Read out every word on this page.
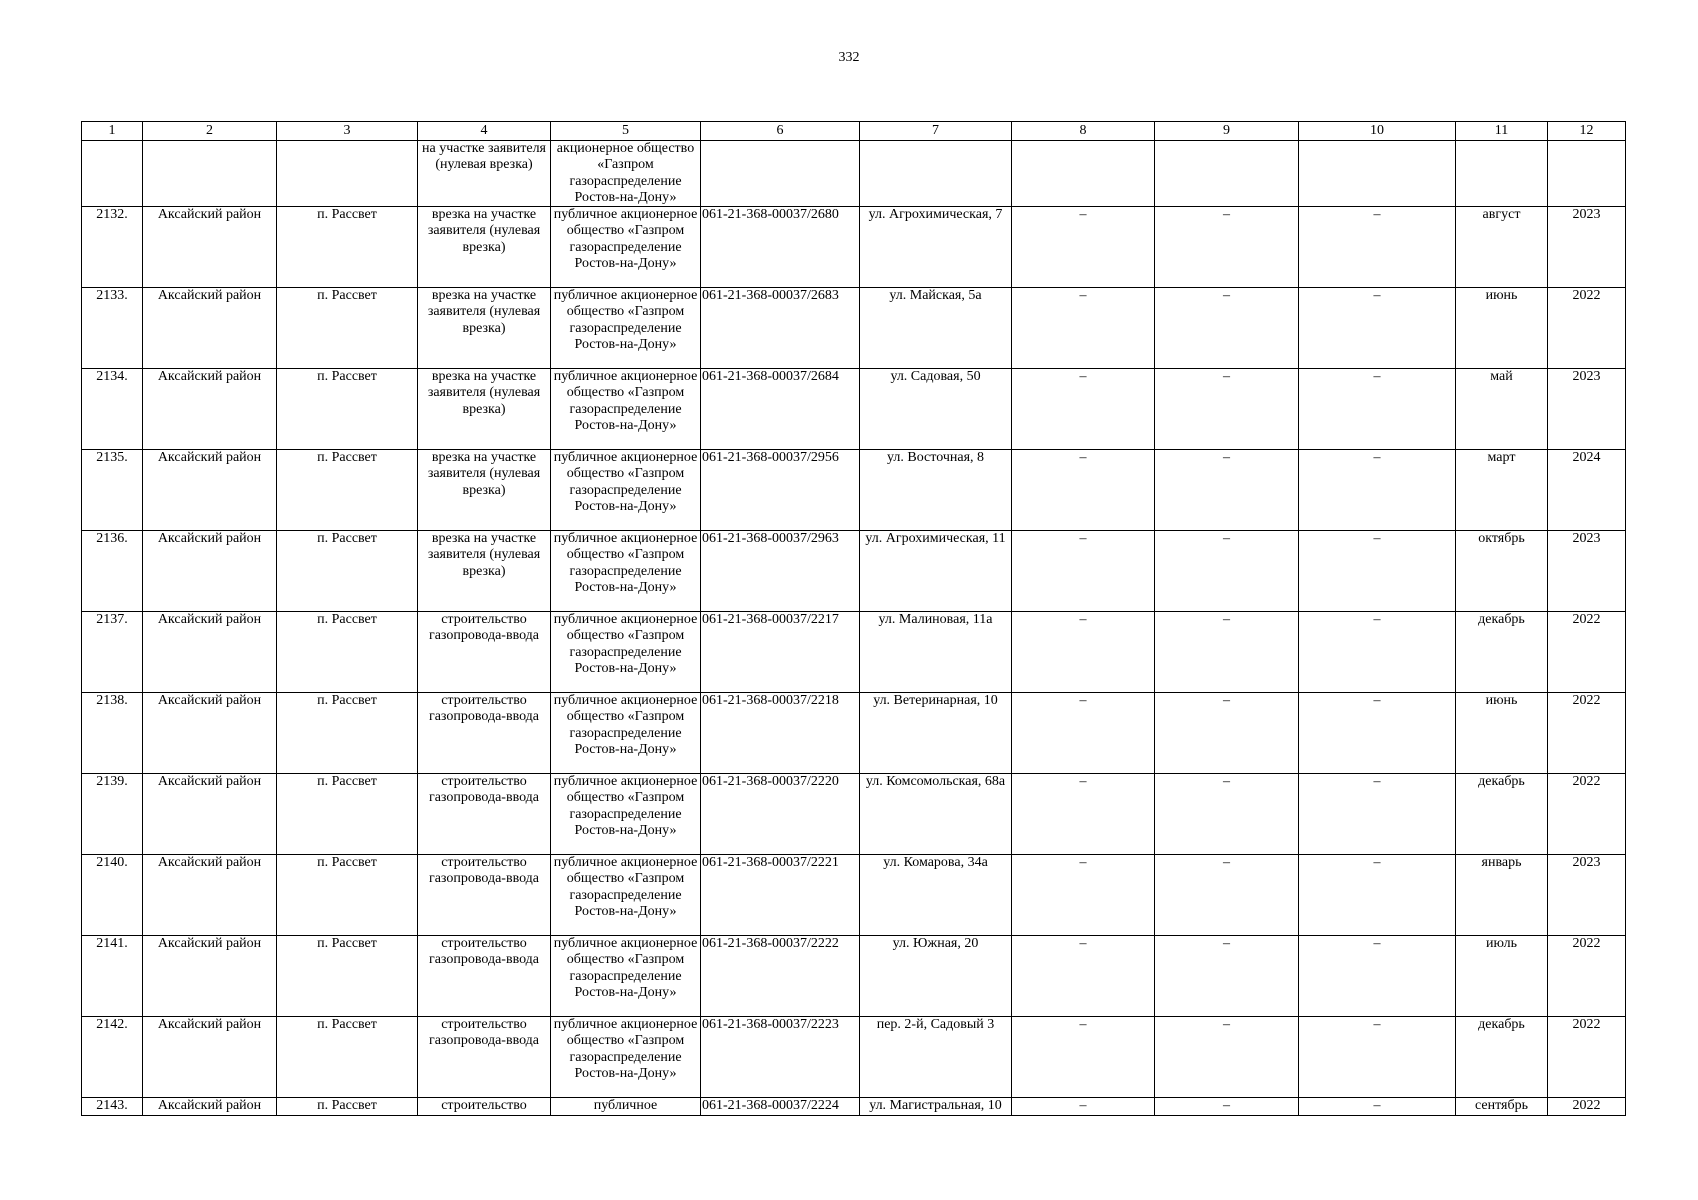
332
1	2	3	4	5	6	7	8	9	10	11	12
			на участке заявителя (нулевая врезка)	акционерное общество «Газпром газораспределение Ростов-на-Дону»							
2132.	Аксайский район	п. Рассвет	врезка на участке заявителя (нулевая врезка)	публичное акционерное общество «Газпром газораспределение Ростов-на-Дону»	061-21-368-00037/2680	ул. Агрохимическая, 7	–	–	–	август	2023
2133.	Аксайский район	п. Рассвет	врезка на участке заявителя (нулевая врезка)	публичное акционерное общество «Газпром газораспределение Ростов-на-Дону»	061-21-368-00037/2683	ул. Майская, 5а	–	–	–	июнь	2022
2134.	Аксайский район	п. Рассвет	врезка на участке заявителя (нулевая врезка)	публичное акционерное общество «Газпром газораспределение Ростов-на-Дону»	061-21-368-00037/2684	ул. Садовая, 50	–	–	–	май	2023
2135.	Аксайский район	п. Рассвет	врезка на участке заявителя (нулевая врезка)	публичное акционерное общество «Газпром газораспределение Ростов-на-Дону»	061-21-368-00037/2956	ул. Восточная, 8	–	–	–	март	2024
2136.	Аксайский район	п. Рассвет	врезка на участке заявителя (нулевая врезка)	публичное акционерное общество «Газпром газораспределение Ростов-на-Дону»	061-21-368-00037/2963	ул. Агрохимическая, 11	–	–	–	октябрь	2023
2137.	Аксайский район	п. Рассвет	строительство газопровода-ввода	публичное акционерное общество «Газпром газораспределение Ростов-на-Дону»	061-21-368-00037/2217	ул. Малиновая, 11а	–	–	–	декабрь	2022
2138.	Аксайский район	п. Рассвет	строительство газопровода-ввода	публичное акционерное общество «Газпром газораспределение Ростов-на-Дону»	061-21-368-00037/2218	ул. Ветеринарная, 10	–	–	–	июнь	2022
2139.	Аксайский район	п. Рассвет	строительство газопровода-ввода	публичное акционерное общество «Газпром газораспределение Ростов-на-Дону»	061-21-368-00037/2220	ул. Комсомольская, 68а	–	–	–	декабрь	2022
2140.	Аксайский район	п. Рассвет	строительство газопровода-ввода	публичное акционерное общество «Газпром газораспределение Ростов-на-Дону»	061-21-368-00037/2221	ул. Комарова, 34а	–	–	–	январь	2023
2141.	Аксайский район	п. Рассвет	строительство газопровода-ввода	публичное акционерное общество «Газпром газораспределение Ростов-на-Дону»	061-21-368-00037/2222	ул. Южная, 20	–	–	–	июль	2022
2142.	Аксайский район	п. Рассвет	строительство газопровода-ввода	публичное акционерное общество «Газпром газораспределение Ростов-на-Дону»	061-21-368-00037/2223	пер. 2-й, Садовый 3	–	–	–	декабрь	2022
2143.	Аксайский район	п. Рассвет	строительство	публичное	061-21-368-00037/2224	ул. Магистральная, 10	–	–	–	сентябрь	2022
